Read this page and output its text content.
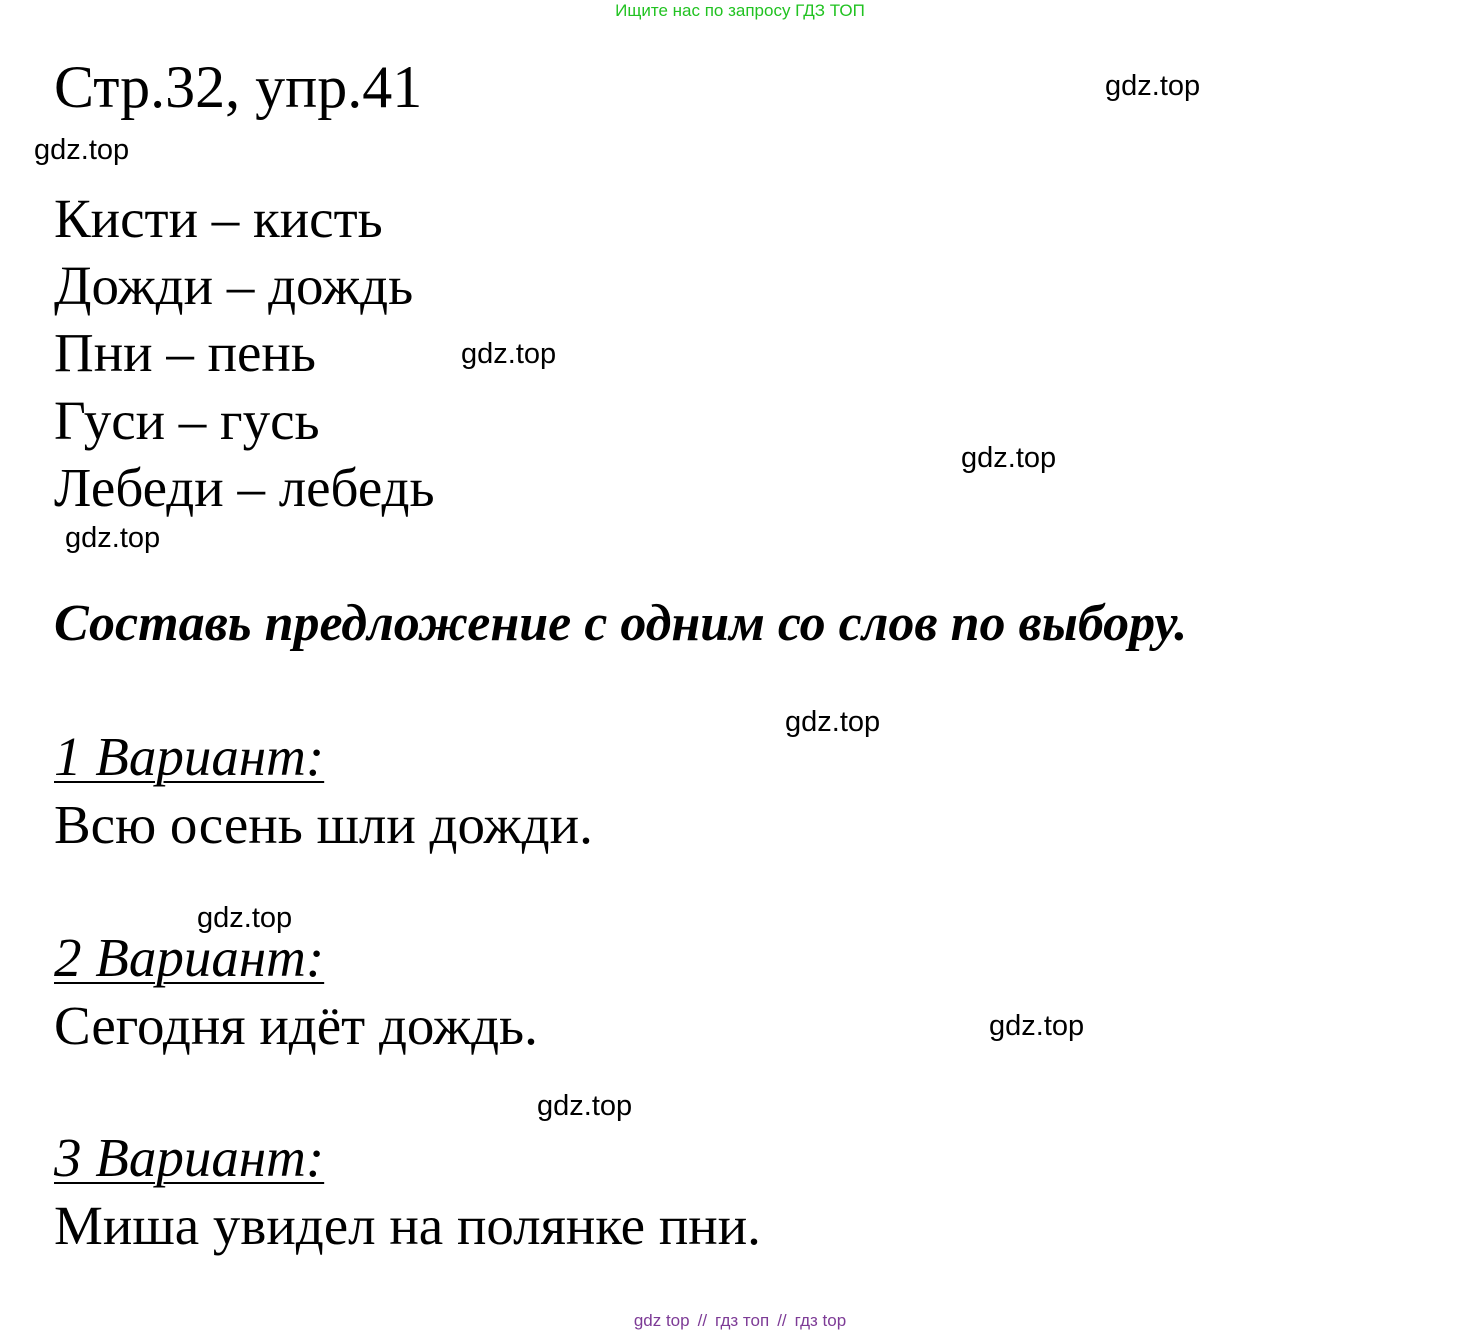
Ищите нас по запросу ГДЗ ТОП
Стр.32, упр.41
Кисти – кисть
Дожди – дождь
Пни – пень
Гуси – гусь
Лебеди – лебедь
Составь предложение с одним со слов по выбору.
1 Вариант:
Всю осень шли дожди.
2 Вариант:
Сегодня идёт дождь.
3 Вариант:
Миша увидел на полянке пни.
gdz.top
gdz.top
gdz.top
gdz.top
gdz.top
gdz.top
gdz.top
gdz.top
gdz.top
gdz top // гдз топ // гдз top
